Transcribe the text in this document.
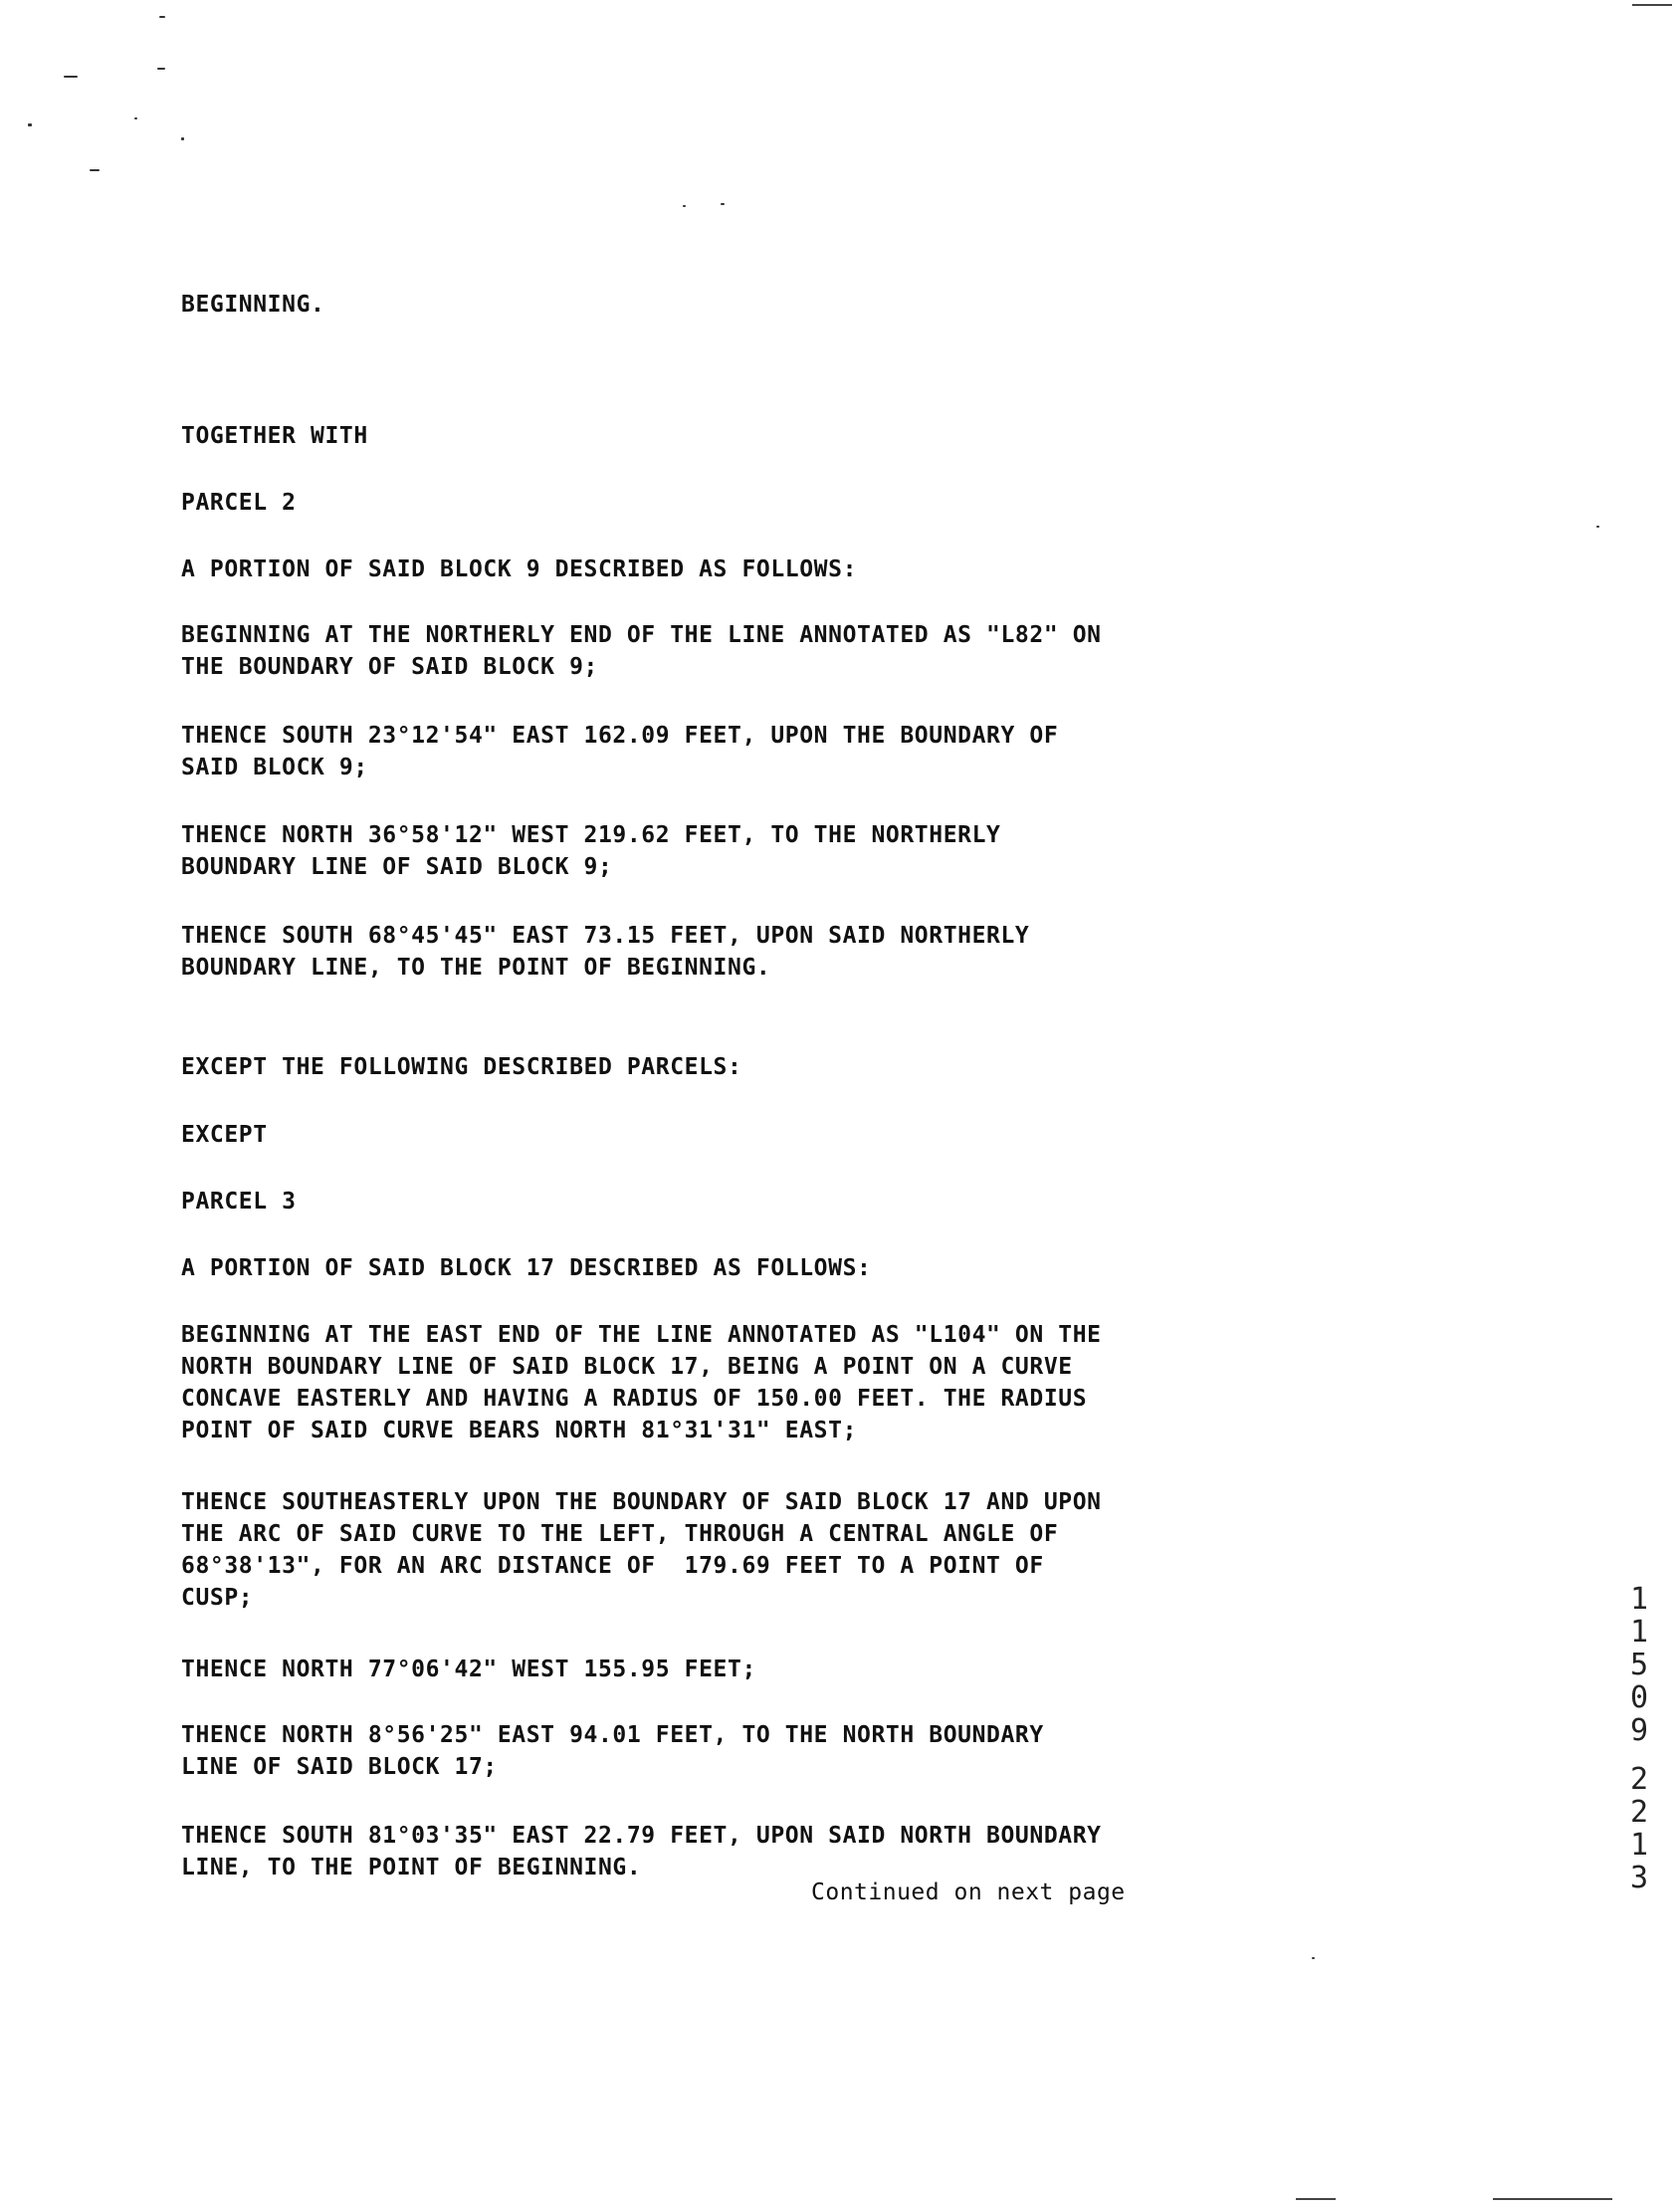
BEGINNING.
TOGETHER WITH
PARCEL 2
A PORTION OF SAID BLOCK 9 DESCRIBED AS FOLLOWS:
BEGINNING AT THE NORTHERLY END OF THE LINE ANNOTATED AS "L82" ON
THE BOUNDARY OF SAID BLOCK 9;
THENCE SOUTH 23°12'54" EAST 162.09 FEET, UPON THE BOUNDARY OF
SAID BLOCK 9;
THENCE NORTH 36°58'12" WEST 219.62 FEET, TO THE NORTHERLY
BOUNDARY LINE OF SAID BLOCK 9;
THENCE SOUTH 68°45'45" EAST 73.15 FEET, UPON SAID NORTHERLY
BOUNDARY LINE, TO THE POINT OF BEGINNING.
EXCEPT THE FOLLOWING DESCRIBED PARCELS:
EXCEPT
PARCEL 3
A PORTION OF SAID BLOCK 17 DESCRIBED AS FOLLOWS:
BEGINNING AT THE EAST END OF THE LINE ANNOTATED AS "L104" ON THE
NORTH BOUNDARY LINE OF SAID BLOCK 17, BEING A POINT ON A CURVE
CONCAVE EASTERLY AND HAVING A RADIUS OF 150.00 FEET. THE RADIUS
POINT OF SAID CURVE BEARS NORTH 81°31'31" EAST;
THENCE SOUTHEASTERLY UPON THE BOUNDARY OF SAID BLOCK 17 AND UPON
THE ARC OF SAID CURVE TO THE LEFT, THROUGH A CENTRAL ANGLE OF
68°38'13", FOR AN ARC DISTANCE OF  179.69 FEET TO A POINT OF
CUSP;
THENCE NORTH 77°06'42" WEST 155.95 FEET;
THENCE NORTH 8°56'25" EAST 94.01 FEET, TO THE NORTH BOUNDARY
LINE OF SAID BLOCK 17;
THENCE SOUTH 81°03'35" EAST 22.79 FEET, UPON SAID NORTH BOUNDARY
LINE, TO THE POINT OF BEGINNING.
Continued on next page
1
1
5
0
9
2
2
1
3
